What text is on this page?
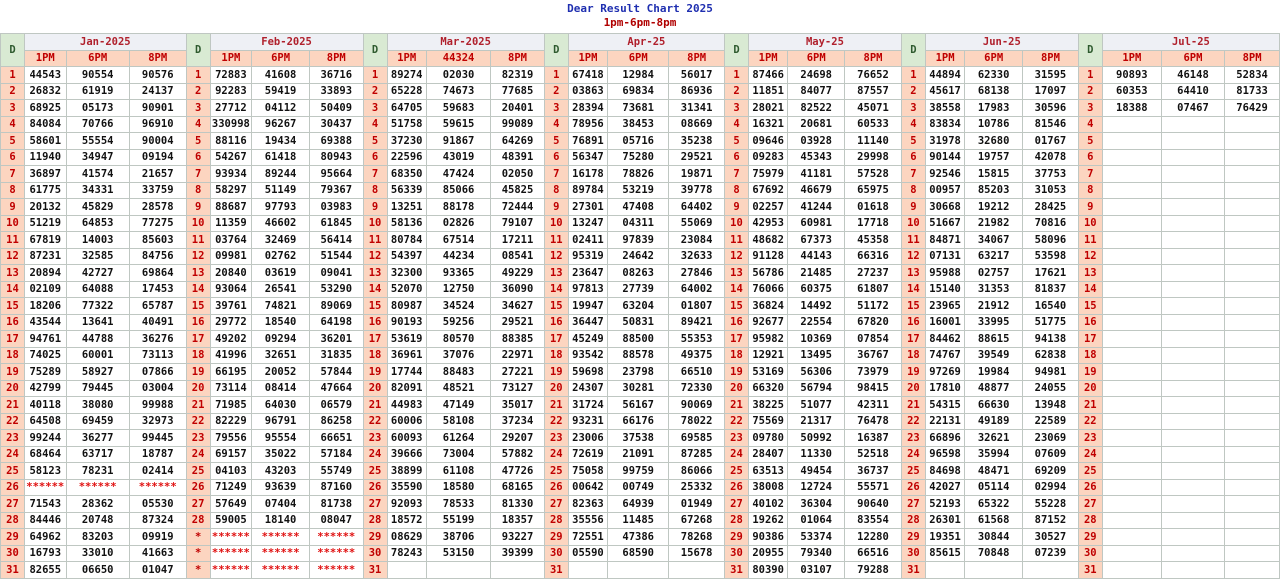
Dear Result Chart 2025
1pm-6pm-8pm
D	Jan-2025			D	Feb-2025			D	Mar-2025			D	Apr-25			D	May-25			D	Jun-25			D	Jul-25		
	1PM	6PM	8PM		1PM	6PM	8PM		1PM	44324	8PM		1PM	6PM	8PM		1PM	6PM	8PM		1PM	6PM	8PM		1PM	6PM	8PM
1	44543	90554	90576	1	72883	41608	36716	1	89274	02030	82319	1	67418	12984	56017	1	87466	24698	76652	1	44894	62330	31595	1	90893	46148	52834
2	26832	61919	24137	2	92283	59419	33893	2	65228	74673	77685	2	03863	69834	86936	2	11851	84077	87557	2	45617	68138	17097	2	60353	64410	81733
3	68925	05173	90901	3	27712	04112	50409	3	64705	59683	20401	3	28394	73681	31341	3	28021	82522	45071	3	38558	17983	30596	3	18388	07467	76429
4	84084	70766	96910	4	330998	96267	30437	4	51758	59615	99089	4	78956	38453	08669	4	16321	20681	60533	4	83834	10786	81546	4			
5	58601	55554	90004	5	88116	19434	69388	5	37230	91867	64269	5	76891	05716	35238	5	09646	03928	11140	5	31978	32680	01767	5			
6	11940	34947	09194	6	54267	61418	80943	6	22596	43019	48391	6	56347	75280	29521	6	09283	45343	29998	6	90144	19757	42078	6			
7	36897	41574	21657	7	93934	89244	95664	7	68350	47424	02050	7	16178	78826	19871	7	75979	41181	57528	7	92546	15815	37753	7			
8	61775	34331	33759	8	58297	51149	79367	8	56339	85066	45825	8	89784	53219	39778	8	67692	46679	65975	8	00957	85203	31053	8			
9	20132	45829	28578	9	88687	97793	03983	9	13251	88178	72444	9	27301	47408	64402	9	02257	41244	01618	9	30668	19212	28425	9			
10	51219	64853	77275	10	11359	46602	61845	10	58136	02826	79107	10	13247	04311	55069	10	42953	60981	17718	10	51667	21982	70816	10			
11	67819	14003	85603	11	03764	32469	56414	11	80784	67514	17211	11	02411	97839	23084	11	48682	67373	45358	11	84871	34067	58096	11			
12	87231	32585	84756	12	09981	02762	51544	12	54397	44234	08541	12	95319	24642	32633	12	91128	44143	66316	12	07131	63217	53598	12			
13	20894	42727	69864	13	20840	03619	09041	13	32300	93365	49229	13	23647	08263	27846	13	56786	21485	27237	13	95988	02757	17621	13			
14	02109	64088	17453	14	93064	26541	53290	14	52070	12750	36090	14	97813	27739	64002	14	76066	60375	61807	14	15140	31353	81837	14			
15	18206	77322	65787	15	39761	74821	89069	15	80987	34524	34627	15	19947	63204	01807	15	36824	14492	51172	15	23965	21912	16540	15			
16	43544	13641	40491	16	29772	18540	64198	16	90193	59256	29521	16	36447	50831	89421	16	92677	22554	67820	16	16001	33995	51775	16			
17	94761	44788	36276	17	49202	09294	36201	17	53619	80570	88385	17	45249	88500	55353	17	95982	10369	07854	17	84462	88615	94138	17			
18	74025	60001	73113	18	41996	32651	31835	18	36961	37076	22971	18	93542	88578	49375	18	12921	13495	36767	18	74767	39549	62838	18			
19	75289	58927	07866	19	66195	20052	57844	19	17744	88483	27221	19	59698	23798	66510	19	53169	56306	73979	19	97269	19984	94981	19			
20	42799	79445	03004	20	73114	08414	47664	20	82091	48521	73127	20	24307	30281	72330	20	66320	56794	98415	20	17810	48877	24055	20			
21	40118	38080	99988	21	71985	64030	06579	21	44983	47149	35017	21	31724	56167	90069	21	38225	51077	42311	21	54315	66630	13948	21			
22	64508	69459	32973	22	82229	96791	86258	22	60006	58108	37234	22	93231	66176	78022	22	75569	21317	76478	22	22131	49189	22589	22			
23	99244	36277	99445	23	79556	95554	66651	23	60093	61264	29207	23	23006	37538	69585	23	09780	50992	16387	23	66896	32621	23069	23			
24	68464	63717	18787	24	69157	35022	57184	24	39666	73004	57882	24	72619	21091	87285	24	28407	11330	52518	24	96598	35994	07609	24			
25	58123	78231	02414	25	04103	43203	55749	25	38899	61108	47726	25	75058	99759	86066	25	63513	49454	36737	25	84698	48471	69209	25			
26	******	******	******	26	71249	93639	87160	26	35590	18580	68165	26	00642	00749	25332	26	38008	12724	55571	26	42027	05114	02994	26			
27	71543	28362	05530	27	57649	07404	81738	27	92093	78533	81330	27	82363	64939	01949	27	40102	36304	90640	27	52193	65322	55228	27			
28	84446	20748	87324	28	59005	18140	08047	28	18572	55199	18357	28	35556	11485	67268	28	19262	01064	83554	28	26301	61568	87152	28			
29	64962	83203	09919	*	******	******	******	29	08629	38706	93227	29	72551	47386	78268	29	90386	53374	12280	29	19351	30844	30527	29			
30	16793	33010	41663	*	******	******	******	30	78243	53150	39399	30	05590	68590	15678	30	20955	79340	66516	30	85615	70848	07239	30			
31	82655	06650	01047	*	******	******	******	31				31				31	80390	03107	79288	31				31			
